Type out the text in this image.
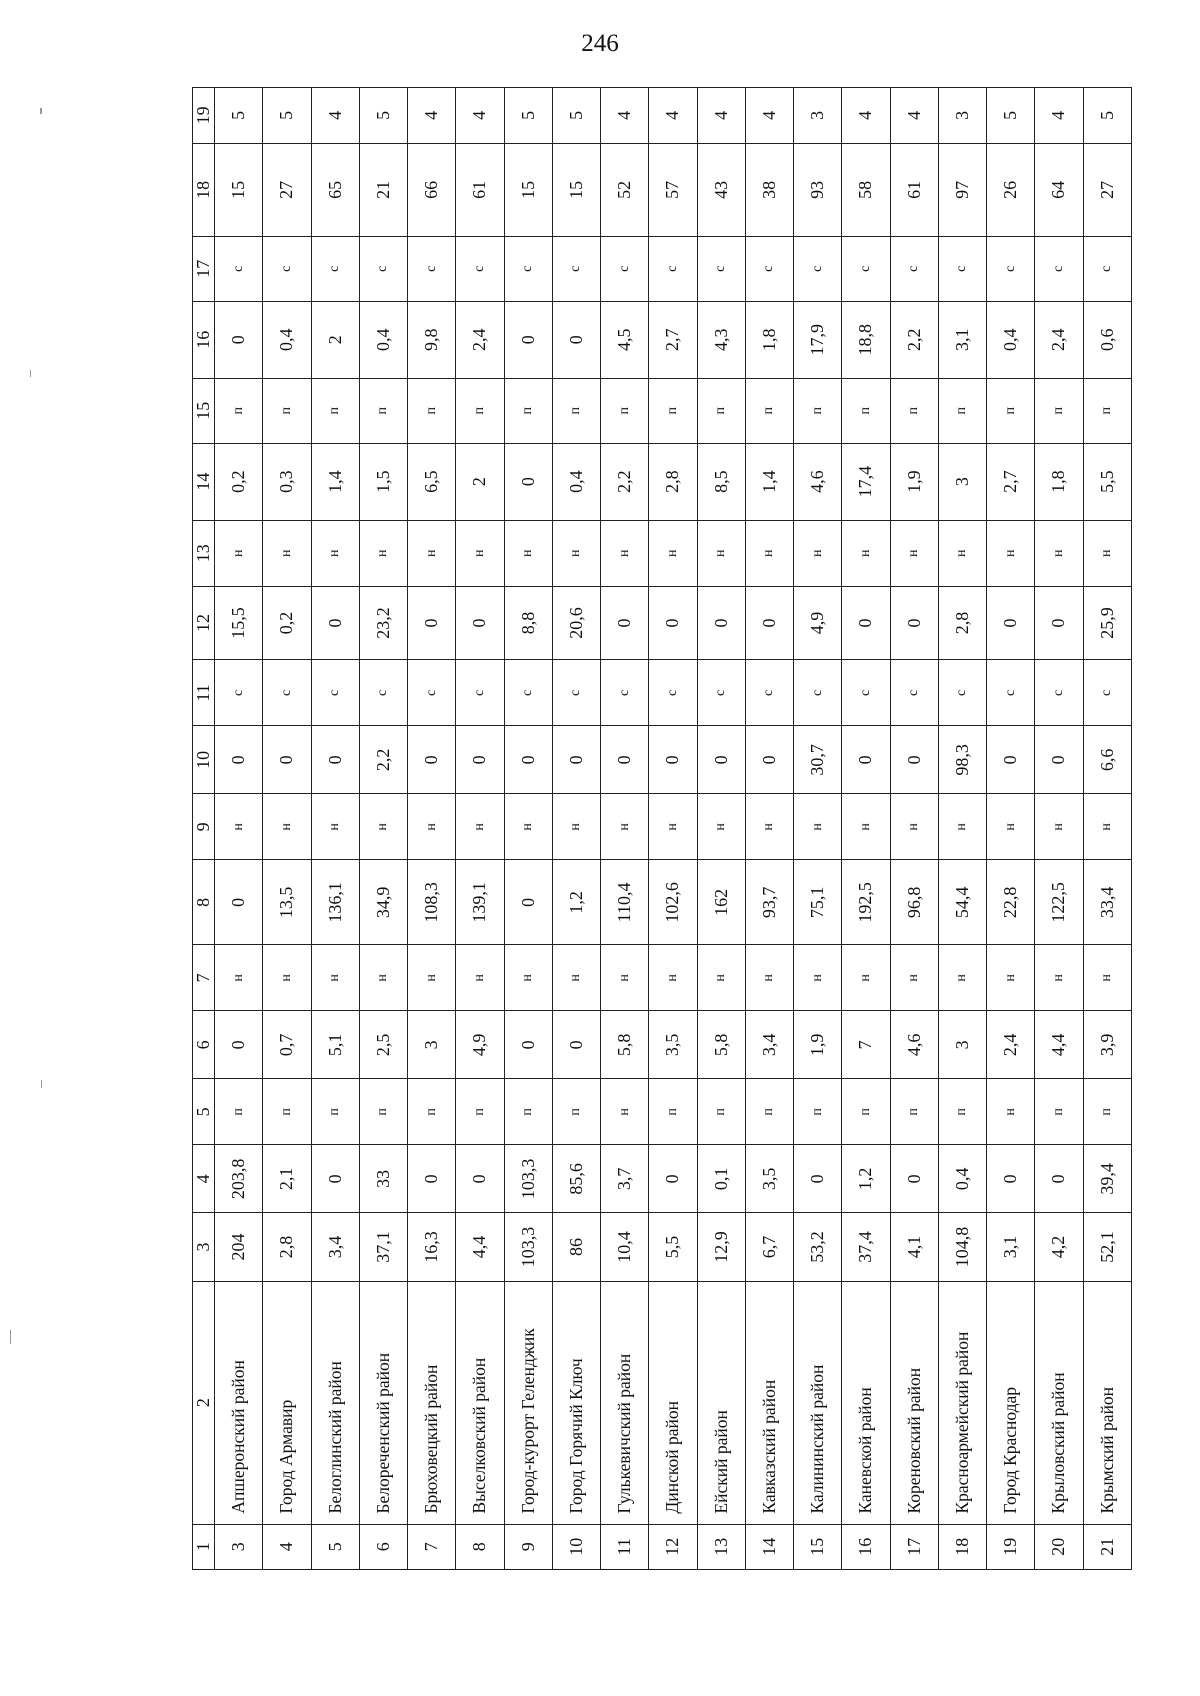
246
1	2	3	4	5	6	7	8	9	10	11	12	13	14	15	16	17	18	19
3	Апшеронский район	204	203,8	п	0	н	0	н	0	с	15,5	н	0,2	п	0	с	15	5
4	Город Армавир	2,8	2,1	п	0,7	н	13,5	н	0	с	0,2	н	0,3	п	0,4	с	27	5
5	Белоглинский район	3,4	0	п	5,1	н	136,1	н	0	с	0	н	1,4	п	2	с	65	4
6	Белореченский район	37,1	33	п	2,5	н	34,9	н	2,2	с	23,2	н	1,5	п	0,4	с	21	5
7	Брюховецкий район	16,3	0	п	3	н	108,3	н	0	с	0	н	6,5	п	9,8	с	66	4
8	Выселковский район	4,4	0	п	4,9	н	139,1	н	0	с	0	н	2	п	2,4	с	61	4
9	Город-курорт Геленджик	103,3	103,3	п	0	н	0	н	0	с	8,8	н	0	п	0	с	15	5
10	Город Горячий Ключ	86	85,6	п	0	н	1,2	н	0	с	20,6	н	0,4	п	0	с	15	5
11	Гулькевичский район	10,4	3,7	н	5,8	н	110,4	н	0	с	0	н	2,2	п	4,5	с	52	4
12	Динской район	5,5	0	п	3,5	н	102,6	н	0	с	0	н	2,8	п	2,7	с	57	4
13	Ейский район	12,9	0,1	п	5,8	н	162	н	0	с	0	н	8,5	п	4,3	с	43	4
14	Кавказский район	6,7	3,5	п	3,4	н	93,7	н	0	с	0	н	1,4	п	1,8	с	38	4
15	Калининский район	53,2	0	п	1,9	н	75,1	н	30,7	с	4,9	н	4,6	п	17,9	с	93	3
16	Каневской район	37,4	1,2	п	7	н	192,5	н	0	с	0	н	17,4	п	18,8	с	58	4
17	Кореновский район	4,1	0	п	4,6	н	96,8	н	0	с	0	н	1,9	п	2,2	с	61	4
18	Красноармейский район	104,8	0,4	п	3	н	54,4	н	98,3	с	2,8	н	3	п	3,1	с	97	3
19	Город Краснодар	3,1	0	н	2,4	н	22,8	н	0	с	0	н	2,7	п	0,4	с	26	5
20	Крыловский район	4,2	0	п	4,4	н	122,5	н	0	с	0	н	1,8	п	2,4	с	64	4
21	Крымский район	52,1	39,4	п	3,9	н	33,4	н	6,6	с	25,9	н	5,5	п	0,6	с	27	5
